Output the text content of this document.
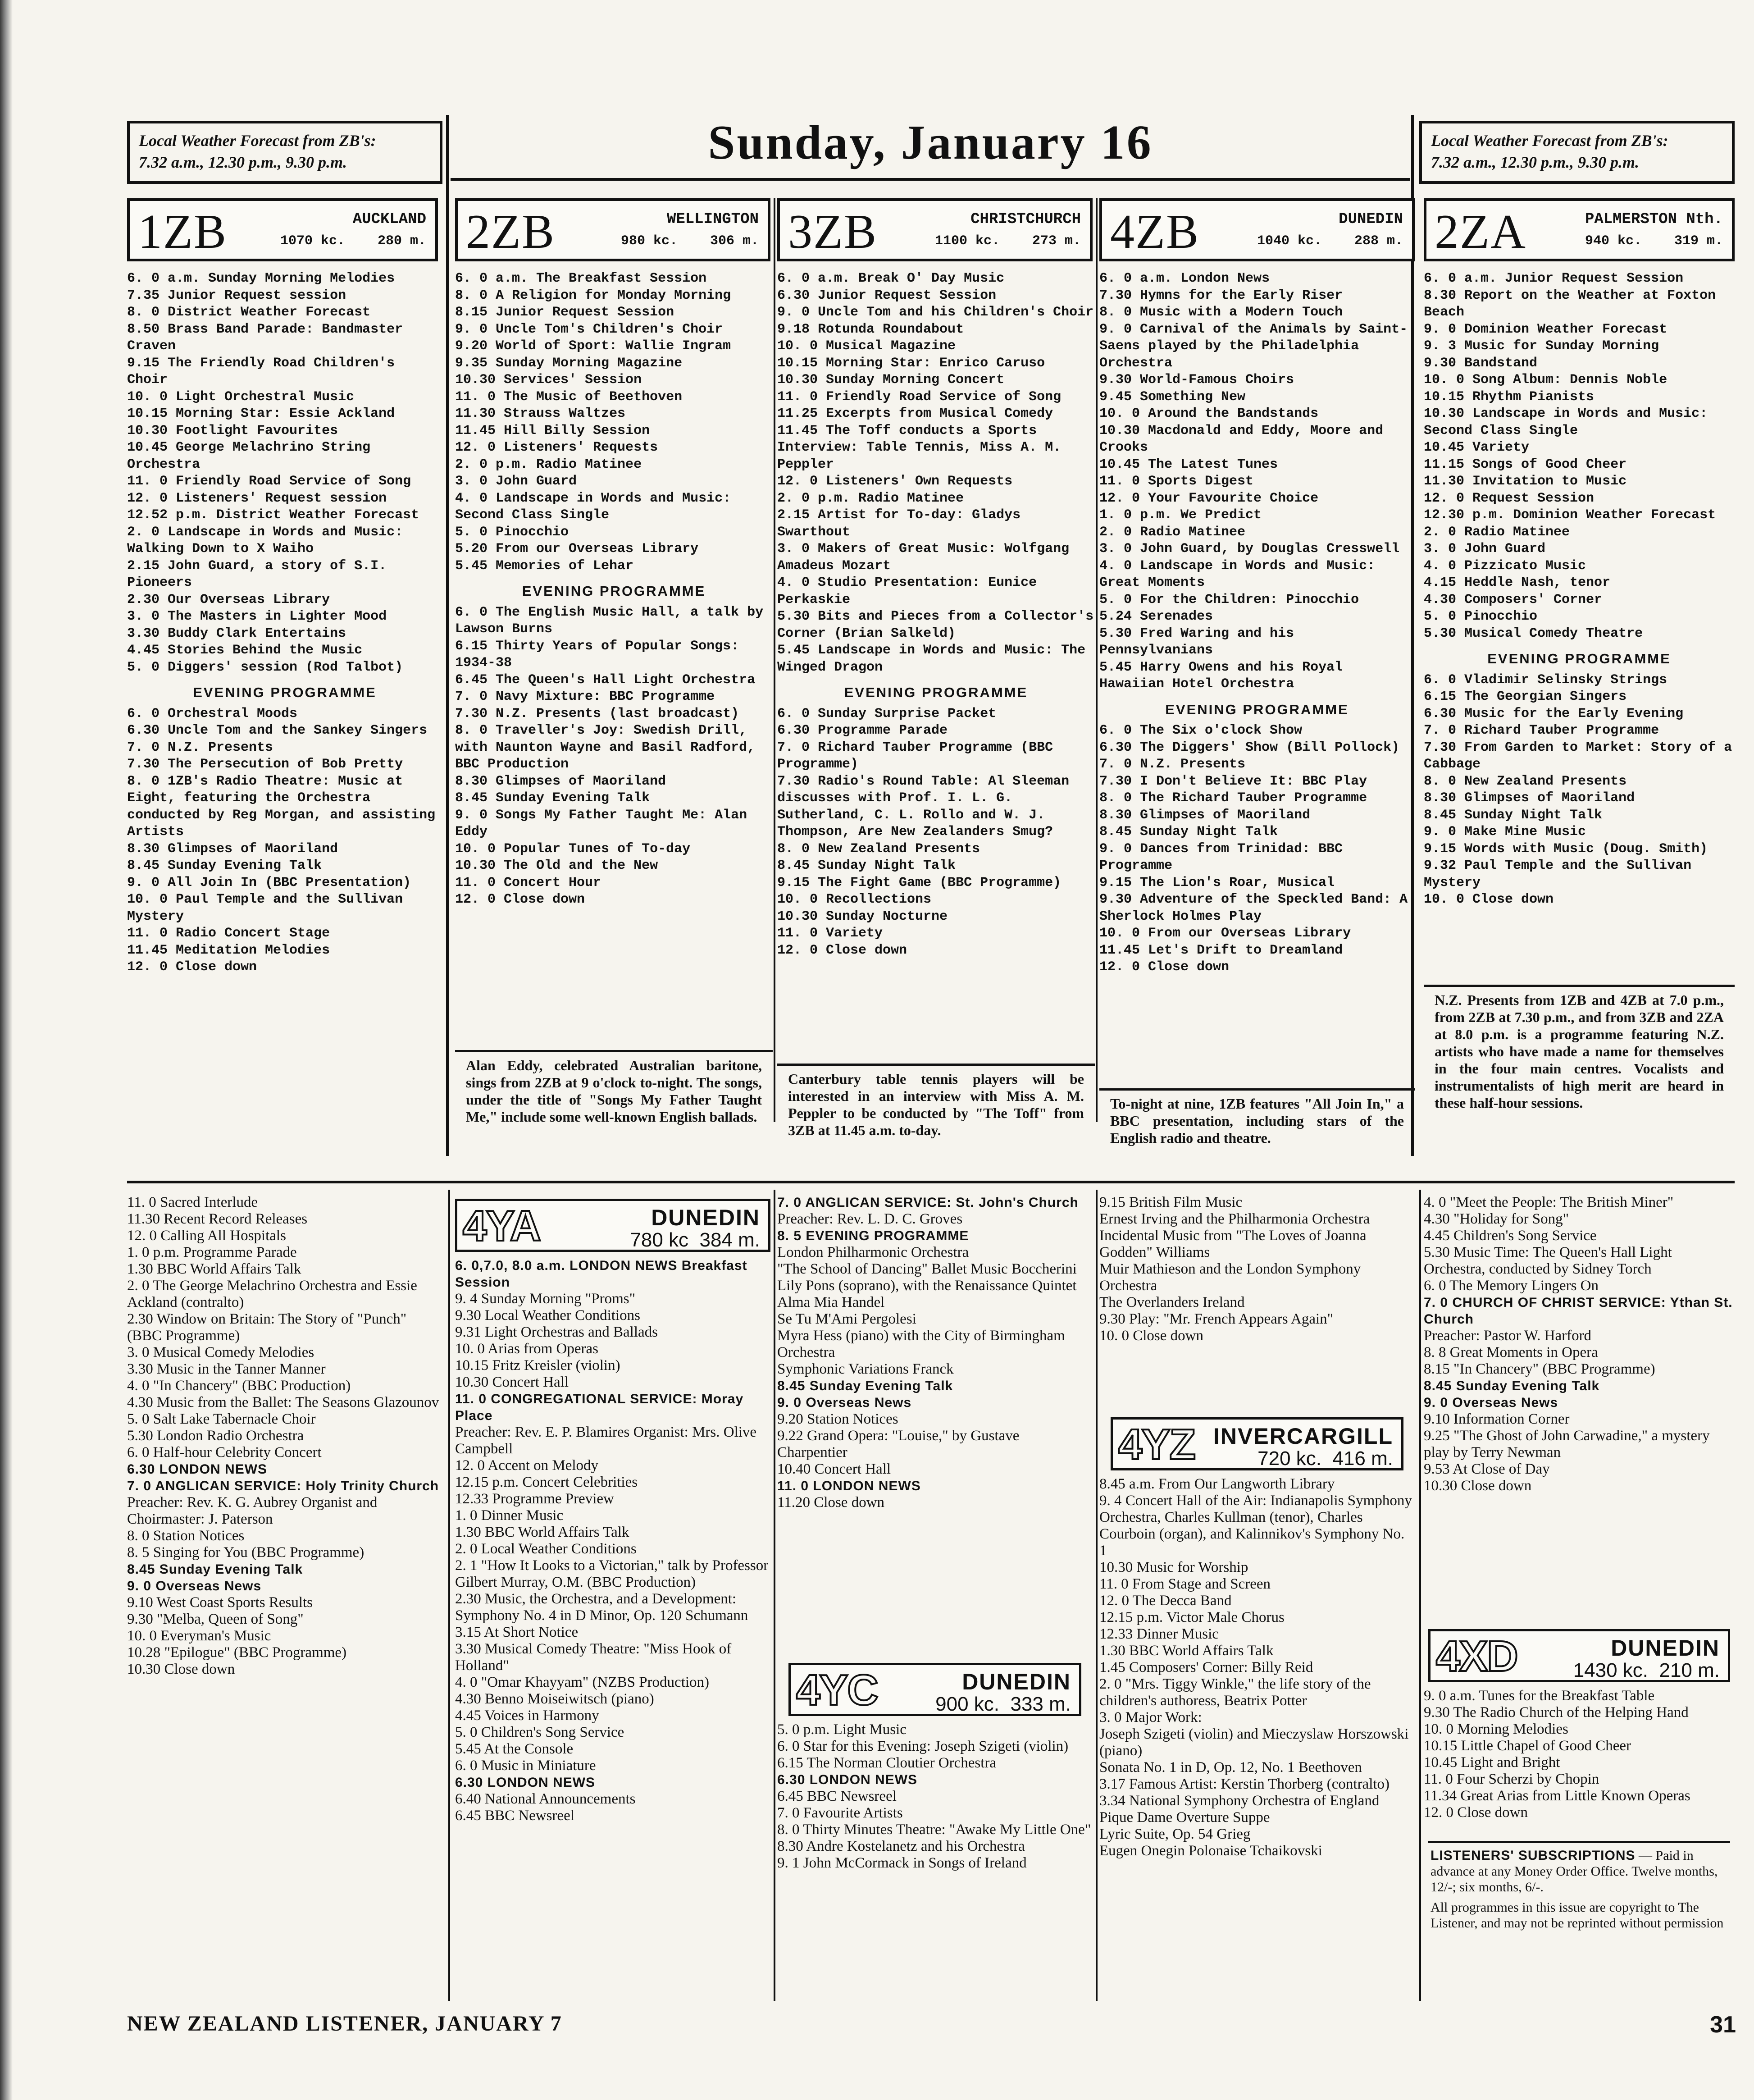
Local Weather Forecast from ZB's:
7.32 a.m., 12.30 p.m., 9.30 p.m.
Local Weather Forecast from ZB's:
7.32 a.m., 12.30 p.m., 9.30 p.m.
Sunday, January 16
1ZB	AUCKLAND
1070 kc.    280 m. 2ZB	WELLINGTON
980 kc.    306 m. 3ZB	CHRISTCHURCH
1100 kc.    273 m. 4ZB	DUNEDIN
1040 kc.    288 m. 2ZA	PALMERSTON Nth.
940 kc.    319 m.
6. 0 a.m. Sunday Morning Melodies
7.35 Junior Request session
8. 0 District Weather Forecast
8.50 Brass Band Parade: Bandmaster Craven
9.15 The Friendly Road Children's Choir
10. 0 Light Orchestral Music
10.15 Morning Star: Essie Ackland
10.30 Footlight Favourites
10.45 George Melachrino String Orchestra
11. 0 Friendly Road Service of Song
12. 0 Listeners' Request session
12.52 p.m. District Weather Forecast
2. 0 Landscape in Words and Music: Walking Down to X Waiho
2.15 John Guard, a story of S.I. Pioneers
2.30 Our Overseas Library
3. 0 The Masters in Lighter Mood
3.30 Buddy Clark Entertains
4.45 Stories Behind the Music
5. 0 Diggers' session (Rod Talbot)
EVENING PROGRAMME
6. 0 Orchestral Moods
6.30 Uncle Tom and the Sankey Singers
7. 0 N.Z. Presents
7.30 The Persecution of Bob Pretty
8. 0 1ZB's Radio Theatre: Music at Eight, featuring the Orchestra conducted by Reg Morgan, and assisting Artists
8.30 Glimpses of Maoriland
8.45 Sunday Evening Talk
9. 0 All Join In (BBC Presentation)
10. 0 Paul Temple and the Sullivan Mystery
11. 0 Radio Concert Stage
11.45 Meditation Melodies
12. 0 Close down
6. 0 a.m. The Breakfast Session
8. 0 A Religion for Monday Morning
8.15 Junior Request Session
9. 0 Uncle Tom's Children's Choir
9.20 World of Sport: Wallie Ingram
9.35 Sunday Morning Magazine
10.30 Services' Session
11. 0 The Music of Beethoven
11.30 Strauss Waltzes
11.45 Hill Billy Session
12. 0 Listeners' Requests
2. 0 p.m. Radio Matinee
3. 0 John Guard
4. 0 Landscape in Words and Music: Second Class Single
5. 0 Pinocchio
5.20 From our Overseas Library
5.45 Memories of Lehar
EVENING PROGRAMME
6. 0 The English Music Hall, a talk by Lawson Burns
6.15 Thirty Years of Popular Songs: 1934-38
6.45 The Queen's Hall Light Orchestra
7. 0 Navy Mixture: BBC Programme
7.30 N.Z. Presents (last broadcast)
8. 0 Traveller's Joy: Swedish Drill, with Naunton Wayne and Basil Radford, BBC Production
8.30 Glimpses of Maoriland
8.45 Sunday Evening Talk
9. 0 Songs My Father Taught Me: Alan Eddy
10. 0 Popular Tunes of To-day
10.30 The Old and the New
11. 0 Concert Hour
12. 0 Close down
6. 0 a.m. Break O' Day Music
6.30 Junior Request Session
9. 0 Uncle Tom and his Children's Choir
9.18 Rotunda Roundabout
10. 0 Musical Magazine
10.15 Morning Star: Enrico Caruso
10.30 Sunday Morning Concert
11. 0 Friendly Road Service of Song
11.25 Excerpts from Musical Comedy
11.45 The Toff conducts a Sports Interview: Table Tennis, Miss A. M. Peppler
12. 0 Listeners' Own Requests
2. 0 p.m. Radio Matinee
2.15 Artist for To-day: Gladys Swarthout
3. 0 Makers of Great Music: Wolfgang Amadeus Mozart
4. 0 Studio Presentation: Eunice Perkaskie
5.30 Bits and Pieces from a Collector's Corner (Brian Salkeld)
5.45 Landscape in Words and Music: The Winged Dragon
EVENING PROGRAMME
6. 0 Sunday Surprise Packet
6.30 Programme Parade
7. 0 Richard Tauber Programme (BBC Programme)
7.30 Radio's Round Table: Al Sleeman discusses with Prof. I. L. G. Sutherland, C. L. Rollo and W. J. Thompson, Are New Zealanders Smug?
8. 0 New Zealand Presents
8.45 Sunday Night Talk
9.15 The Fight Game (BBC Programme)
10. 0 Recollections
10.30 Sunday Nocturne
11. 0 Variety
12. 0 Close down
6. 0 a.m. London News
7.30 Hymns for the Early Riser
8. 0 Music with a Modern Touch
9. 0 Carnival of the Animals by Saint-Saens played by the Philadelphia Orchestra
9.30 World-Famous Choirs
9.45 Something New
10. 0 Around the Bandstands
10.30 Macdonald and Eddy, Moore and Crooks
10.45 The Latest Tunes
11. 0 Sports Digest
12. 0 Your Favourite Choice
1. 0 p.m. We Predict
2. 0 Radio Matinee
3. 0 John Guard, by Douglas Cresswell
4. 0 Landscape in Words and Music: Great Moments
5. 0 For the Children: Pinocchio
5.24 Serenades
5.30 Fred Waring and his Pennsylvanians
5.45 Harry Owens and his Royal Hawaiian Hotel Orchestra
EVENING PROGRAMME
6. 0 The Six o'clock Show
6.30 The Diggers' Show (Bill Pollock)
7. 0 N.Z. Presents
7.30 I Don't Believe It: BBC Play
8. 0 The Richard Tauber Programme
8.30 Glimpses of Maoriland
8.45 Sunday Night Talk
9. 0 Dances from Trinidad: BBC Programme
9.15 The Lion's Roar, Musical
9.30 Adventure of the Speckled Band: A Sherlock Holmes Play
10. 0 From our Overseas Library
11.45 Let's Drift to Dreamland
12. 0 Close down
6. 0 a.m. Junior Request Session
8.30 Report on the Weather at Foxton Beach
9. 0 Dominion Weather Forecast
9. 3 Music for Sunday Morning
9.30 Bandstand
10. 0 Song Album: Dennis Noble
10.15 Rhythm Pianists
10.30 Landscape in Words and Music: Second Class Single
10.45 Variety
11.15 Songs of Good Cheer
11.30 Invitation to Music
12. 0 Request Session
12.30 p.m. Dominion Weather Forecast
2. 0 Radio Matinee
3. 0 John Guard
4. 0 Pizzicato Music
4.15 Heddle Nash, tenor
4.30 Composers' Corner
5. 0 Pinocchio
5.30 Musical Comedy Theatre
EVENING PROGRAMME
6. 0 Vladimir Selinsky Strings
6.15 The Georgian Singers
6.30 Music for the Early Evening
7. 0 Richard Tauber Programme
7.30 From Garden to Market: Story of a Cabbage
8. 0 New Zealand Presents
8.30 Glimpses of Maoriland
8.45 Sunday Night Talk
9. 0 Make Mine Music
9.15 Words with Music (Doug. Smith)
9.32 Paul Temple and the Sullivan Mystery
10. 0 Close down
Alan Eddy, celebrated Australian baritone, sings from 2ZB at 9 o'clock to-night. The songs, under the title of "Songs My Father Taught Me," include some well-known English ballads.
Canterbury table tennis players will be interested in an interview with Miss A. M. Peppler to be conducted by "The Toff" from 3ZB at 11.45 a.m. to-day.
To-night at nine, 1ZB features "All Join In," a BBC presentation, including stars of the English radio and theatre.
N.Z. Presents from 1ZB and 4ZB at 7.0 p.m., from 2ZB at 7.30 p.m., and from 3ZB and 2ZA at 8.0 p.m. is a programme featuring N.Z. artists who have made a name for themselves in the four main centres. Vocalists and instrumentalists of high merit are heard in these half-hour sessions.
11. 0 Sacred Interlude
11.30 Recent Record Releases
12. 0 Calling All Hospitals
1. 0 p.m. Programme Parade
1.30 BBC World Affairs Talk
2. 0 The George Melachrino Orchestra and Essie Ackland (contralto)
2.30 Window on Britain: The Story of "Punch" (BBC Programme)
3. 0 Musical Comedy Melodies
3.30 Music in the Tanner Manner
4. 0 "In Chancery" (BBC Production)
4.30 Music from the Ballet: The Seasons Glazounov
5. 0 Salt Lake Tabernacle Choir
5.30 London Radio Orchestra
6. 0 Half-hour Celebrity Concert
6.30 LONDON NEWS
7. 0 ANGLICAN SERVICE: Holy Trinity Church
Preacher: Rev. K. G. Aubrey Organist and Choirmaster: J. Paterson
8. 0 Station Notices
8. 5 Singing for You (BBC Programme)
8.45 Sunday Evening Talk
9. 0 Overseas News
9.10 West Coast Sports Results
9.30 "Melba, Queen of Song"
10. 0 Everyman's Music
10.28 "Epilogue" (BBC Programme)
10.30 Close down
4YA	DUNEDIN
780 kc  384 m.
6. 0,7.0, 8.0 a.m. LONDON NEWS Breakfast Session
9. 4 Sunday Morning "Proms"
9.30 Local Weather Conditions
9.31 Light Orchestras and Ballads
10. 0 Arias from Operas
10.15 Fritz Kreisler (violin)
10.30 Concert Hall
11. 0 CONGREGATIONAL SERVICE: Moray Place
Preacher: Rev. E. P. Blamires Organist: Mrs. Olive Campbell
12. 0 Accent on Melody
12.15 p.m. Concert Celebrities
12.33 Programme Preview
1. 0 Dinner Music
1.30 BBC World Affairs Talk
2. 0 Local Weather Conditions
2. 1 "How It Looks to a Victorian," talk by Professor Gilbert Murray, O.M. (BBC Production)
2.30 Music, the Orchestra, and a Development: Symphony No. 4 in D Minor, Op. 120 Schumann
3.15 At Short Notice
3.30 Musical Comedy Theatre: "Miss Hook of Holland"
4. 0 "Omar Khayyam" (NZBS Production)
4.30 Benno Moiseiwitsch (piano)
4.45 Voices in Harmony
5. 0 Children's Song Service
5.45 At the Console
6. 0 Music in Miniature
6.30 LONDON NEWS
6.40 National Announcements
6.45 BBC Newsreel
7. 0 ANGLICAN SERVICE: St. John's Church
Preacher: Rev. L. D. C. Groves
8. 5 EVENING PROGRAMME
London Philharmonic Orchestra
"The School of Dancing" Ballet Music Boccherini
Lily Pons (soprano), with the Renaissance Quintet
Alma Mia Handel
Se Tu M'Ami Pergolesi
Myra Hess (piano) with the City of Birmingham Orchestra
Symphonic Variations Franck
8.45 Sunday Evening Talk
9. 0 Overseas News
9.20 Station Notices
9.22 Grand Opera: "Louise," by Gustave Charpentier
10.40 Concert Hall
11. 0 LONDON NEWS
11.20 Close down
4YC	DUNEDIN
900 kc.  333 m.
5. 0 p.m. Light Music
6. 0 Star for this Evening: Joseph Szigeti (violin)
6.15 The Norman Cloutier Orchestra
6.30 LONDON NEWS
6.45 BBC Newsreel
7. 0 Favourite Artists
8. 0 Thirty Minutes Theatre: "Awake My Little One"
8.30 Andre Kostelanetz and his Orchestra
9. 1 John McCormack in Songs of Ireland
9.15 British Film Music
Ernest Irving and the Philharmonia Orchestra
Incidental Music from "The Loves of Joanna Godden" Williams
Muir Mathieson and the London Symphony Orchestra
The Overlanders Ireland
9.30 Play: "Mr. French Appears Again"
10. 0 Close down
4YZ INVERCARGILL
720 kc.  416 m.
8.45 a.m. From Our Langworth Library
9. 4 Concert Hall of the Air: Indianapolis Symphony Orchestra, Charles Kullman (tenor), Charles Courboin (organ), and Kalinnikov's Symphony No. 1
10.30 Music for Worship
11. 0 From Stage and Screen
12. 0 The Decca Band
12.15 p.m. Victor Male Chorus
12.33 Dinner Music
1.30 BBC World Affairs Talk
1.45 Composers' Corner: Billy Reid
2. 0 "Mrs. Tiggy Winkle," the life story of the children's authoress, Beatrix Potter
3. 0 Major Work:
Joseph Szigeti (violin) and Mieczyslaw Horszowski (piano)
Sonata No. 1 in D, Op. 12, No. 1 Beethoven
3.17 Famous Artist: Kerstin Thorberg (contralto)
3.34 National Symphony Orchestra of England
Pique Dame Overture Suppe
Lyric Suite, Op. 54 Grieg
Eugen Onegin Polonaise Tchaikovski
4. 0 "Meet the People: The British Miner"
4.30 "Holiday for Song"
4.45 Children's Song Service
5.30 Music Time: The Queen's Hall Light Orchestra, conducted by Sidney Torch
6. 0 The Memory Lingers On
7. 0 CHURCH OF CHRIST SERVICE: Ythan St. Church
Preacher: Pastor W. Harford
8. 8 Great Moments in Opera
8.15 "In Chancery" (BBC Programme)
8.45 Sunday Evening Talk
9. 0 Overseas News
9.10 Information Corner
9.25 "The Ghost of John Carwadine," a mystery play by Terry Newman
9.53 At Close of Day
10.30 Close down
4XD	DUNEDIN
1430 kc.  210 m.
9. 0 a.m. Tunes for the Breakfast Table
9.30 The Radio Church of the Helping Hand
10. 0 Morning Melodies
10.15 Little Chapel of Good Cheer
10.45 Light and Bright
11. 0 Four Scherzi by Chopin
11.34 Great Arias from Little Known Operas
12. 0 Close down
LISTENERS' SUBSCRIPTIONS — Paid in advance at any Money Order Office. Twelve months, 12/-; six months, 6/-.
All programmes in this issue are copyright to The Listener, and may not be reprinted without permission
NEW ZEALAND LISTENER, JANUARY 7	31
